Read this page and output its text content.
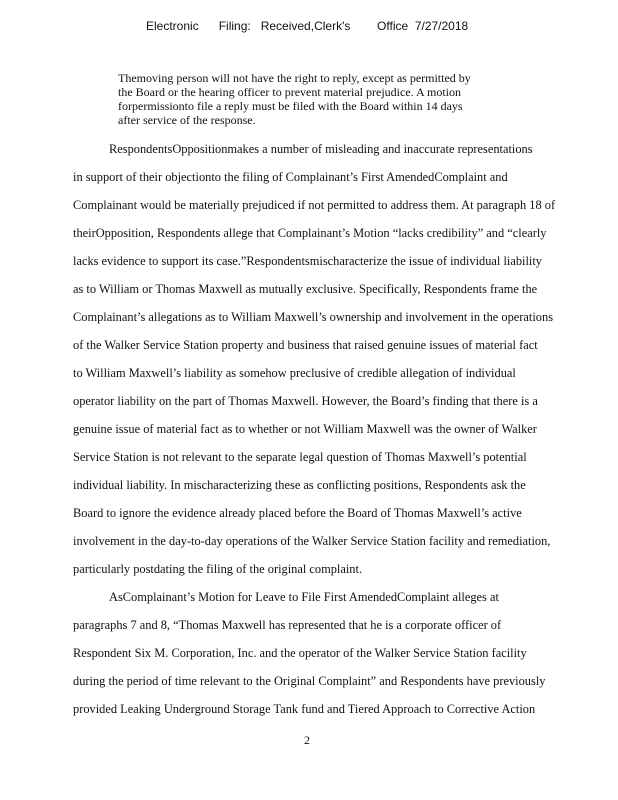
Electronic      Filing:   Received,Clerk's        Office  7/27/2018
Themoving person will not have the right to reply, except as permitted by
the Board or the hearing officer to prevent material prejudice. A motion
forpermissionto file a reply must be filed with the Board within 14 days
after service of the response.
RespondentsOppositionmakes a number of misleading and inaccurate representations
in support of their objectionto the filing of Complainant’s First AmendedComplaint and
Complainant would be materially prejudiced if not permitted to address them. At paragraph 18 of
theirOpposition, Respondents allege that Complainant’s Motion “lacks credibility” and “clearly
lacks evidence to support its case.”Respondentsmischaracterize the issue of individual liability
as to William or Thomas Maxwell as mutually exclusive. Specifically, Respondents frame the
Complainant’s allegations as to William Maxwell’s ownership and involvement in the operations
of the Walker Service Station property and business that raised genuine issues of material fact
to William Maxwell’s liability as somehow preclusive of credible allegation of individual
operator liability on the part of Thomas Maxwell. However, the Board’s finding that there is a
genuine issue of material fact as to whether or not William Maxwell was the owner of Walker
Service Station is not relevant to the separate legal question of Thomas Maxwell’s potential
individual liability. In mischaracterizing these as conflicting positions, Respondents ask the
Board to ignore the evidence already placed before the Board of Thomas Maxwell’s active
involvement in the day-to-day operations of the Walker Service Station facility and remediation,
particularly postdating the filing of the original complaint.
AsComplainant’s Motion for Leave to File First AmendedComplaint alleges at
paragraphs 7 and 8, “Thomas Maxwell has represented that he is a corporate officer of
Respondent Six M. Corporation, Inc. and the operator of the Walker Service Station facility
during the period of time relevant to the Original Complaint” and Respondents have previously
provided Leaking Underground Storage Tank fund and Tiered Approach to Corrective Action
2
